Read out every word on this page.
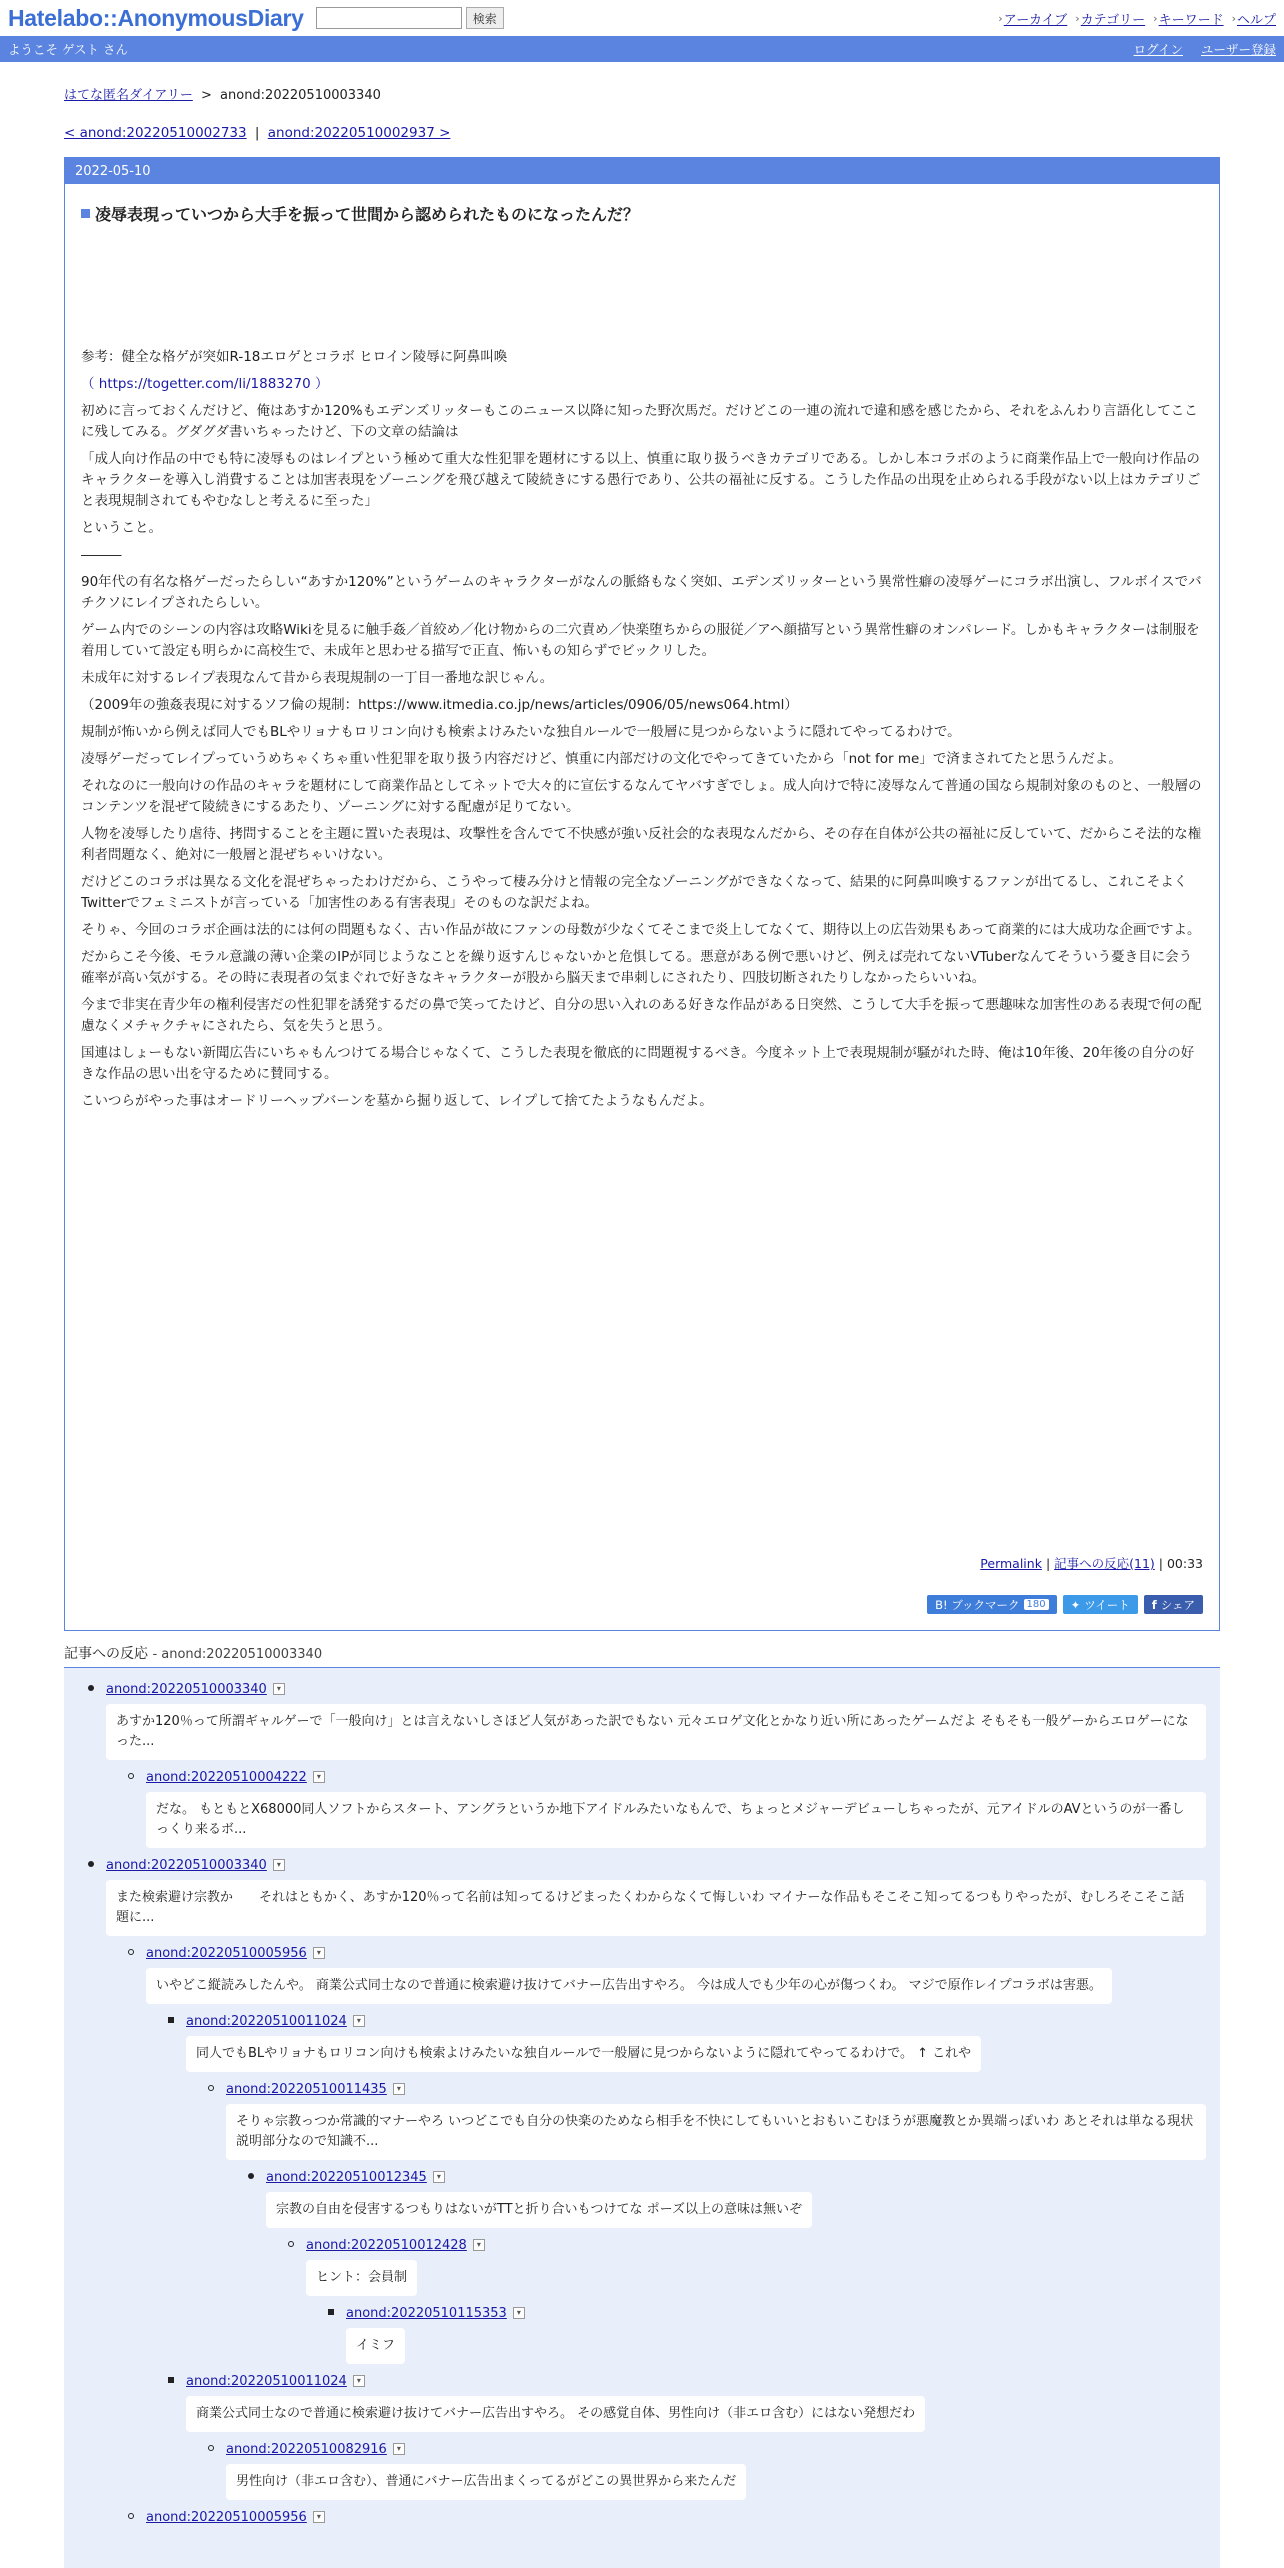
Hatelabo::AnonymousDiary	検索	› アーカイブ › カテゴリー › キーワード › ヘルプ
ようこそ ゲスト さん	ログイン ユーザー登録
はてな匿名ダイアリー > anond:20220510003340
< anond:20220510002733 | anond:20220510002937 >
2022-05-10
凌辱表現っていつから大手を振って世間から認められたものになったんだ？

参考：健全な格ゲが突如R-18エロゲとコラボ ヒロイン陵辱に阿鼻叫喚

（ https://togetter.com/li/1883270 ）

初めに言っておくんだけど、俺はあすか120%もエデンズリッターもこのニュース以降に知った野次馬だ。だけどこの一連の流れで違和感を感じたから、それをふんわり言語化してここに残してみる。グダグダ書いちゃったけど、下の文章の結論は

「成人向け作品の中でも特に凌辱ものはレイプという極めて重大な性犯罪を題材にする以上、慎重に取り扱うべきカテゴリである。しかし本コラボのように商業作品上で一般向け作品のキャラクターを導入し消費することは加害表現をゾーニングを飛び越えて陵続きにする愚行であり、公共の福祉に反する。こうした作品の出現を止められる手段がない以上はカテゴリごと表現規制されてもやむなしと考えるに至った」

ということ。

―――

90年代の有名な格ゲーだったらしい“あすか120%”というゲームのキャラクターがなんの脈絡もなく突如、エデンズリッターという異常性癖の凌辱ゲーにコラボ出演し、フルボイスでバチクソにレイプされたらしい。

ゲーム内でのシーンの内容は攻略Wikiを見るに触手姦／首絞め／化け物からの二穴責め／快楽堕ちからの服従／アヘ顔描写という異常性癖のオンパレード。しかもキャラクターは制服を着用していて設定も明らかに高校生で、未成年と思わせる描写で正直、怖いもの知らずでビックリした。

未成年に対するレイプ表現なんて昔から表現規制の一丁目一番地な訳じゃん。

（2009年の強姦表現に対するソフ倫の規制：https://www.itmedia.co.jp/news/articles/0906/05/news064.html）

規制が怖いから例えば同人でもBLやリョナもロリコン向けも検索よけみたいな独自ルールで一般層に見つからないように隠れてやってるわけで。

凌辱ゲーだってレイプっていうめちゃくちゃ重い性犯罪を取り扱う内容だけど、慎重に内部だけの文化でやってきていたから「not for me」で済まされてたと思うんだよ。

それなのに一般向けの作品のキャラを題材にして商業作品としてネットで大々的に宣伝するなんてヤバすぎでしょ。成人向けで特に凌辱なんて普通の国なら規制対象のものと、一般層のコンテンツを混ぜて陵続きにするあたり、ゾーニングに対する配慮が足りてない。

人物を凌辱したり虐待、拷問することを主題に置いた表現は、攻撃性を含んでて不快感が強い反社会的な表現なんだから、その存在自体が公共の福祉に反していて、だからこそ法的な権利者問題なく、絶対に一般層と混ぜちゃいけない。

だけどこのコラボは異なる文化を混ぜちゃったわけだから、こうやって棲み分けと情報の完全なゾーニングができなくなって、結果的に阿鼻叫喚するファンが出てるし、これこそよくTwitterでフェミニストが言っている「加害性のある有害表現」そのものな訳だよね。

そりゃ、今回のコラボ企画は法的には何の問題もなく、古い作品が故にファンの母数が少なくてそこまで炎上してなくて、期待以上の広告効果もあって商業的には大成功な企画ですよ。

だからこそ今後、モラル意識の薄い企業のIPが同じようなことを繰り返すんじゃないかと危惧してる。悪意がある例で悪いけど、例えば売れてないVTuberなんてそういう憂き目に会う確率が高い気がする。その時に表現者の気まぐれで好きなキャラクターが股から脳天まで串刺しにされたり、四肢切断されたりしなかったらいいね。

今まで非実在青少年の権利侵害だの性犯罪を誘発するだの鼻で笑ってたけど、自分の思い入れのある好きな作品がある日突然、こうして大手を振って悪趣味な加害性のある表現で何の配慮なくメチャクチャにされたら、気を失うと思う。

国連はしょーもない新聞広告にいちゃもんつけてる場合じゃなくて、こうした表現を徹底的に問題視するべき。今度ネット上で表現規制が騒がれた時、俺は10年後、20年後の自分の好きな作品の思い出を守るために賛同する。

こいつらがやった事はオードリーヘップバーンを墓から掘り返して、レイプして捨てたようなもんだよ。

Permalink | 記事への反応(11) | 00:33
B! ブックマーク 180 ✦ ツイート f シェア
記事への反応 - anond:20220510003340
anond:20220510003340	▾
あすか120％って所謂ギャルゲーで「一般向け」とは言えないしさほど人気があった訳でもない 元々エロゲ文化とかなり近い所にあったゲームだよ そもそも一般ゲーからエロゲーになった...
anond:20220510004222	▾
だな。 もともとX68000同人ソフトからスタート、アングラというか地下アイドルみたいなもんで、ちょっとメジャーデビューしちゃったが、元アイドルのAVというのが一番しっくり来るボ...
anond:20220510003340	▾
また検索避け宗教か　　それはともかく、あすか120％って名前は知ってるけどまったくわからなくて悔しいわ マイナーな作品もそこそこ知ってるつもりやったが、むしろそこそこ話題に...
anond:20220510005956	▾
いやどこ縦読みしたんや。 商業公式同士なので普通に検索避け抜けてバナー広告出すやろ。 今は成人でも少年の心が傷つくわ。 マジで原作レイプコラボは害悪。
anond:20220510011024	▾
同人でもBLやリョナもロリコン向けも検索よけみたいな独自ルールで一般層に見つからないように隠れてやってるわけで。 ↑ これや
anond:20220510011435	▾
そりゃ宗教っつか常識的マナーやろ いつどこでも自分の快楽のためなら相手を不快にしてもいいとおもいこむほうが悪魔教とか異端っぽいわ あとそれは単なる現状説明部分なので知識不...
anond:20220510012345	▾
宗教の自由を侵害するつもりはないがTTと折り合いもつけてな ポーズ以上の意味は無いぞ
anond:20220510012428	▾
ヒント：会員制
anond:20220510115353	▾
イミフ
anond:20220510011024	▾
商業公式同士なので普通に検索避け抜けてバナー広告出すやろ。 その感覚自体、男性向け（非エロ含む）にはない発想だわ
anond:20220510082916	▾
男性向け（非エロ含む）、普通にバナー広告出まくってるがどこの異世界から来たんだ
anond:20220510005956	▾
